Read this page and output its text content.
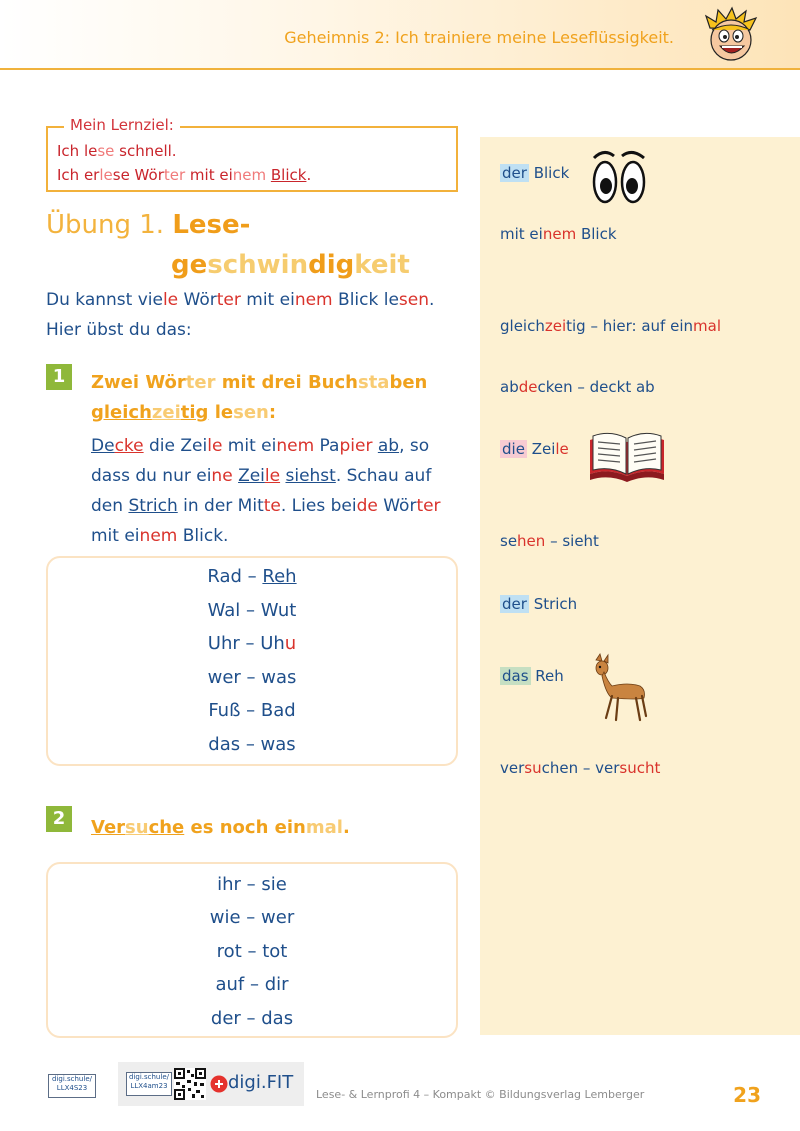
Geheimnis 2: Ich trainiere meine Leseflüssigkeit.
Mein Lernziel:
Ich lese schnell.
Ich erlese Wörter mit einem Blick.
Übung 1. Lese-
geschwindigkeit
Du kannst viele Wörter mit einem Blick lesen.
Hier übst du das:
1	Zwei Wörter mit drei Buchstaben
gleichzeitig lesen:
Decke die Zeile mit einem Papier ab, so
dass du nur eine Zeile siehst. Schau auf
den Strich in der Mitte. Lies beide Wörter
mit einem Blick.
Rad – Reh
Wal – Wut
Uhr – Uhu
wer – was
Fuß – Bad
das – was
2	Versuche es noch einmal.
ihr – sie
wie – wer
rot – tot
auf – dir
der – das
der Blick
mit einem Blick
gleichzeitig – hier: auf einmal
abdecken – deckt ab
die Zeile
sehen – sieht
der Strich
das Reh
versuchen – versucht
digi.schule/
LLX4S23
digi.schule/
LLX4am23	digi.FIT
Lese- & Lernprofi 4 – Kompakt © Bildungsverlag Lemberger	23
